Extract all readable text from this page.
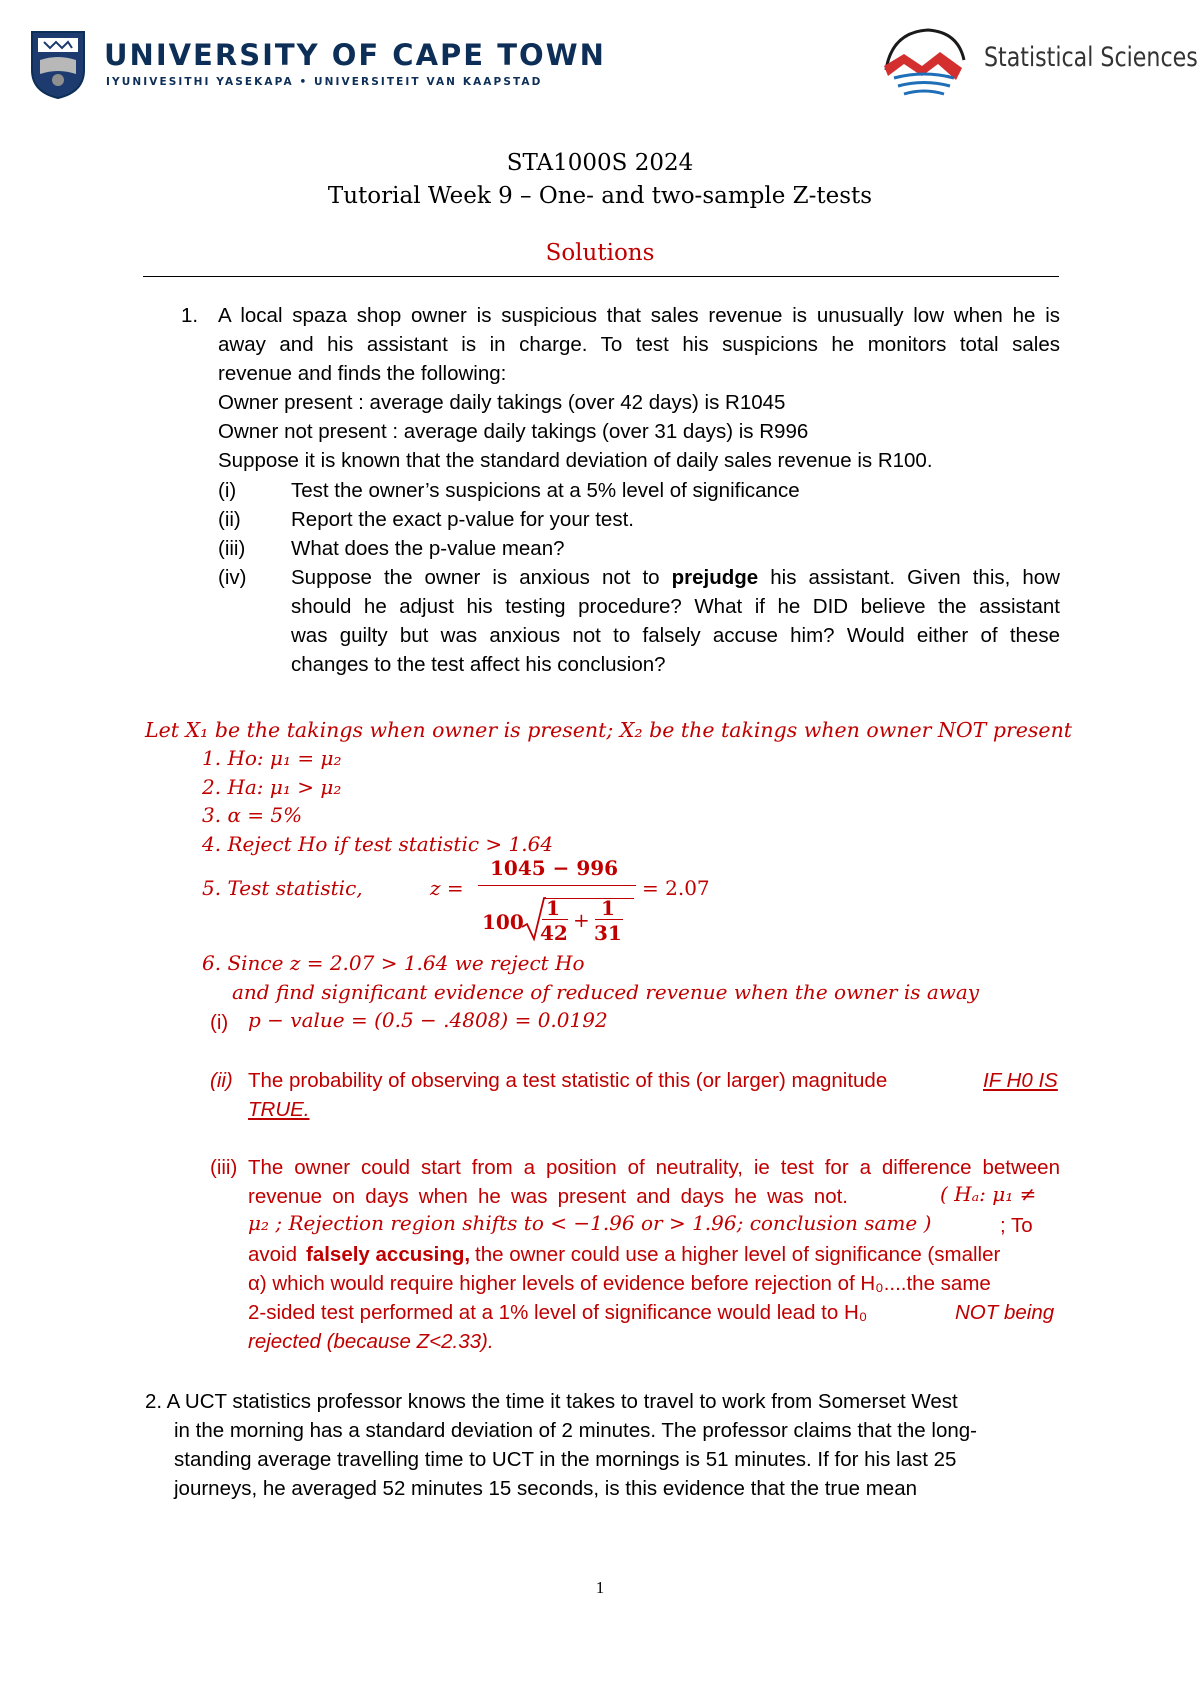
UNIVERSITY OF CAPE TOWN
IYUNIVESITHI YASEKAPA • UNIVERSITEIT VAN KAAPSTAD
Statistical Sciences
STA1000S 2024
Tutorial Week 9 – One- and two-sample Z-tests
Solutions
1. A local spaza shop owner is suspicious that sales revenue is unusually low when he is
away and his assistant is in charge. To test his suspicions he monitors total sales
revenue and finds the following:
Owner present : average daily takings (over 42 days) is R1045
Owner not present : average daily takings (over 31 days) is R996
Suppose it is known that the standard deviation of daily sales revenue is R100.
(i)	Test the owner’s suspicions at a 5% level of significance
(ii) Report the exact p-value for your test.
(iii) What does the p-value mean?
(iv) Suppose the owner is anxious not to prejudge his assistant. Given this, how
should he adjust his testing procedure? What if he DID believe the assistant
was guilty but was anxious not to falsely accuse him? Would either of these
changes to the test affect his conclusion?
Let X₁ be the takings when owner is present; X₂ be the takings when owner NOT present
1. Ho: μ₁ = μ₂
2. Ha: μ₁ > μ₂
3. α = 5%
4. Reject Ho if test statistic > 1.64
5. Test statistic,	z =
1045 − 996
= 2.07
100
1
42
+ 1
31
6. Since z = 2.07 > 1.64 we reject Ho
and find significant evidence of reduced revenue when the owner is away
(i) p − value = (0.5 − .4808) = 0.0192
(ii) The probability of observing a test statistic of this (or larger) magnitude	IF H0 IS
TRUE.
(iii) The owner could start from a position of neutrality, ie test for a difference between
revenue on days when he was present and days he was not.	( Hₐ: μ₁ ≠
μ₂ ; Rejection region shifts to < −1.96 or > 1.96; conclusion same )	; To
avoid falsely accusing, the owner could use a higher level of significance (smaller
α) which would require higher levels of evidence before rejection of H₀....the same
2-sided test performed at a 1% level of significance would lead to H₀	NOT being
rejected (because Z<2.33).
2. A UCT statistics professor knows the time it takes to travel to work from Somerset West
in the morning has a standard deviation of 2 minutes. The professor claims that the long-
standing average travelling time to UCT in the mornings is 51 minutes. If for his last 25
journeys, he averaged 52 minutes 15 seconds, is this evidence that the true mean
1
